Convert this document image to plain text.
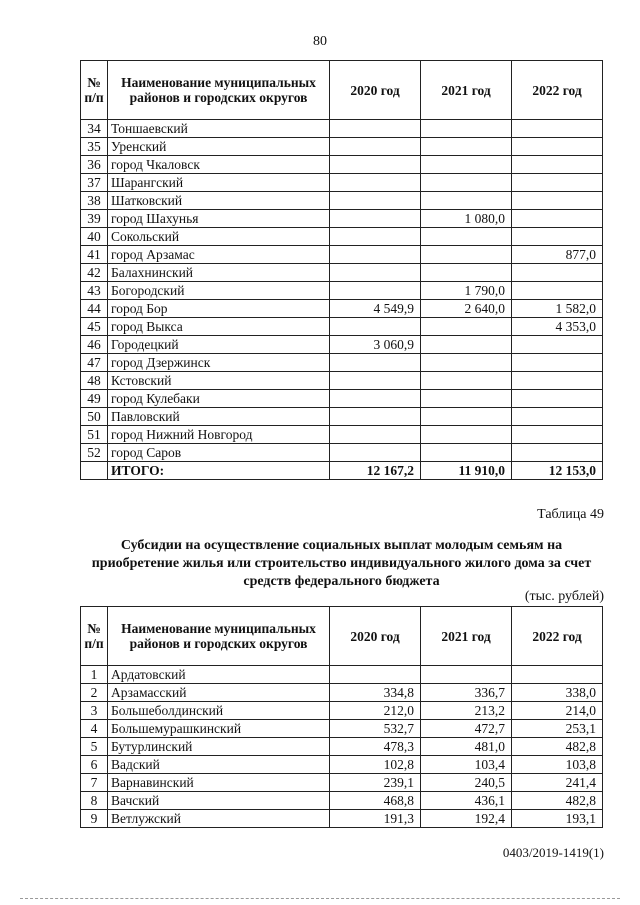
80
№ п/п	Наименование муниципальных районов и городских округов	2020 год	2021 год	2022 год
34	Тоншаевский			
35	Уренский			
36	город Чкаловск			
37	Шарангский			
38	Шатковский			
39	город Шахунья		1 080,0	
40	Сокольский			
41	город Арзамас			877,0
42	Балахнинский			
43	Богородский		1 790,0	
44	город Бор	4 549,9	2 640,0	1 582,0
45	город Выкса			4 353,0
46	Городецкий	3 060,9		
47	город Дзержинск			
48	Кстовский			
49	город Кулебаки			
50	Павловский			
51	город Нижний Новгород			
52	город Саров			
	ИТОГО:	12 167,2	11 910,0	12 153,0
Таблица 49
Субсидии на осуществление социальных выплат молодым семьям на приобретение жилья или строительство индивидуального жилого дома за счет средств федерального бюджета
(тыс. рублей)
№ п/п	Наименование муниципальных районов и городских округов	2020 год	2021 год	2022 год
1	Ардатовский			
2	Арзамасский	334,8	336,7	338,0
3	Большеболдинский	212,0	213,2	214,0
4	Большемурашкинский	532,7	472,7	253,1
5	Бутурлинский	478,3	481,0	482,8
6	Вадский	102,8	103,4	103,8
7	Варнавинский	239,1	240,5	241,4
8	Вачский	468,8	436,1	482,8
9	Ветлужский	191,3	192,4	193,1
0403/2019-1419(1)
